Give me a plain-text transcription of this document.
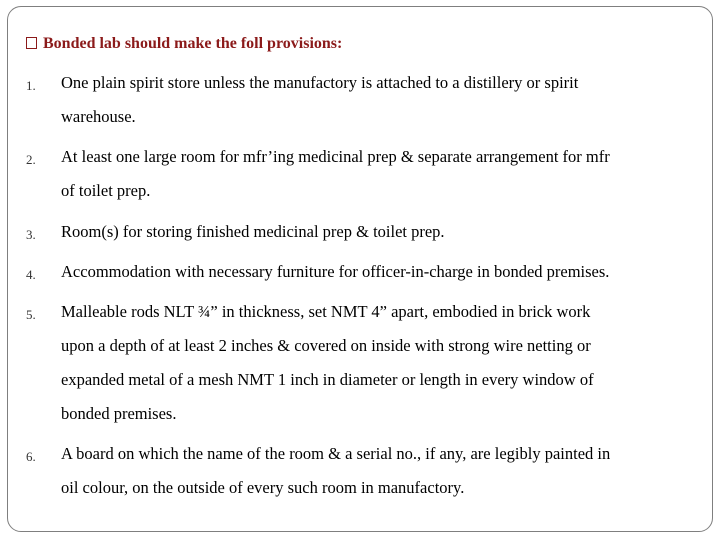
Bonded lab should make the foll provisions:
1. One plain spirit store unless the manufactory is attached to a distillery or spirit
warehouse.
2. At least one large room for mfr’ing medicinal prep & separate arrangement for mfr
of toilet prep.
3. Room(s) for storing finished medicinal prep & toilet prep.
4. Accommodation with necessary furniture for officer-in-charge in bonded premises.
5. Malleable rods NLT ¾” in thickness, set NMT 4” apart, embodied in brick work
upon a depth of at least 2 inches & covered on inside with strong wire netting or
expanded metal of a mesh NMT 1 inch in diameter or length in every window of
bonded premises.
6. A board on which the name of the room & a serial no., if any, are legibly painted in
oil colour, on the outside of every such room in manufactory.
